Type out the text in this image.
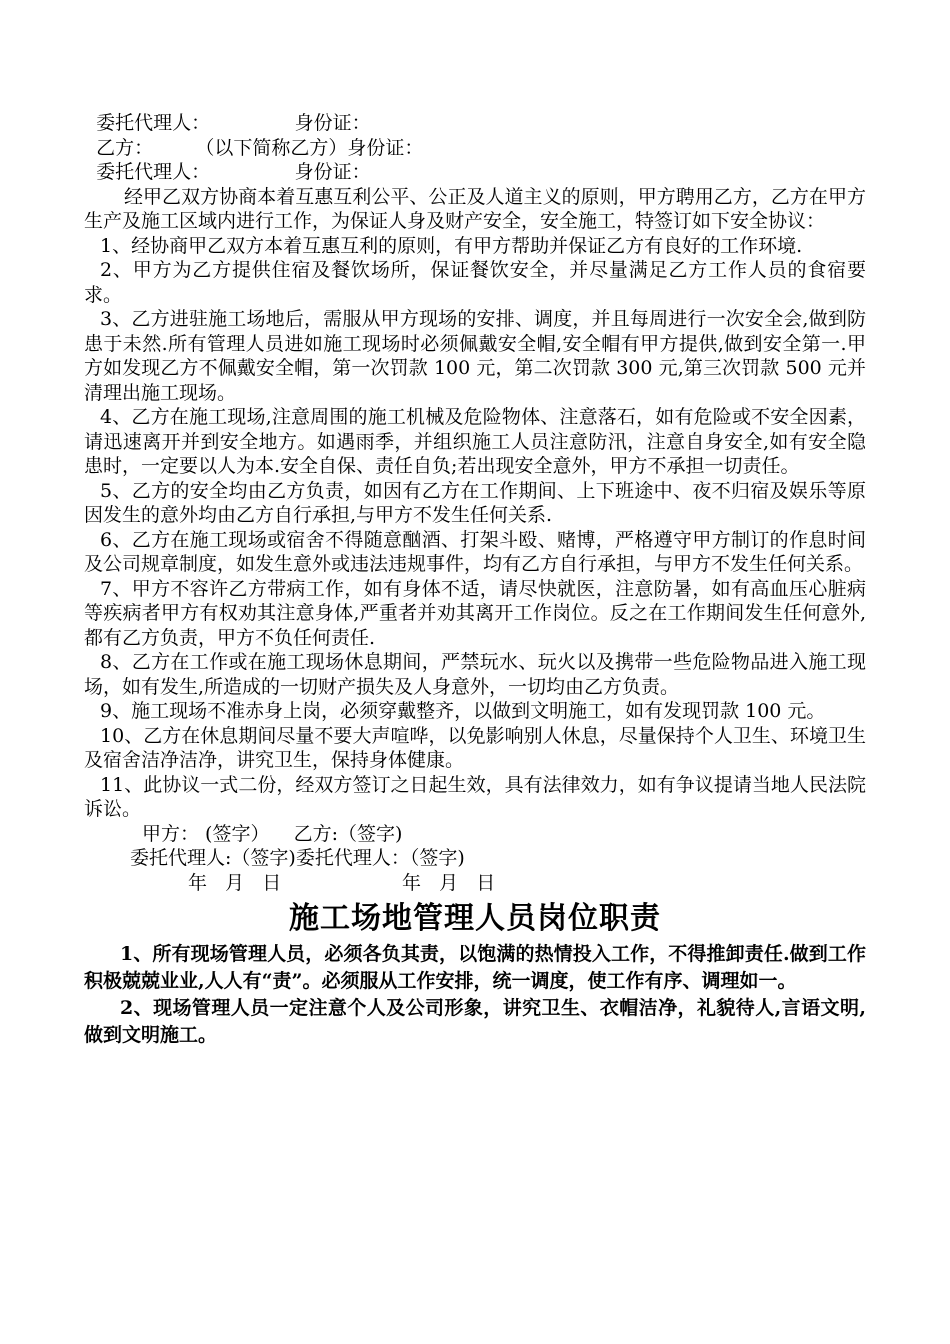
委托代理人：              身份证：
乙方：       （以下简称乙方）身份证：
委托代理人：              身份证：

经甲乙双方协商本着互惠互利公平、公正及人道主义的原则，甲方聘用乙方，乙方在甲方生产及施工区域内进行工作，为保证人身及财产安全，安全施工，特签订如下安全协议：

1、经协商甲乙双方本着互惠互利的原则，有甲方帮助并保证乙方有良好的工作环境.

2、甲方为乙方提供住宿及餐饮场所，保证餐饮安全，并尽量满足乙方工作人员的食宿要求。

3、乙方进驻施工场地后，需服从甲方现场的安排、调度，并且每周进行一次安全会,做到防患于未然.所有管理人员进如施工现场时必须佩戴安全帽,安全帽有甲方提供,做到安全第一.甲方如发现乙方不佩戴安全帽，第一次罚款 100 元，第二次罚款 300 元,第三次罚款 500 元并清理出施工现场。

4、乙方在施工现场,注意周围的施工机械及危险物体、注意落石，如有危险或不安全因素，请迅速离开并到安全地方。如遇雨季，并组织施工人员注意防汛，注意自身安全,如有安全隐患时，一定要以人为本.安全自保、责任自负;若出现安全意外，甲方不承担一切责任。

5、乙方的安全均由乙方负责，如因有乙方在工作期间、上下班途中、夜不归宿及娱乐等原因发生的意外均由乙方自行承担,与甲方不发生任何关系.

6、乙方在施工现场或宿舍不得随意酗酒、打架斗殴、赌博，严格遵守甲方制订的作息时间及公司规章制度，如发生意外或违法违规事件，均有乙方自行承担，与甲方不发生任何关系。

7、甲方不容许乙方带病工作，如有身体不适，请尽快就医，注意防暑，如有高血压心脏病等疾病者甲方有权劝其注意身体,严重者并劝其离开工作岗位。反之在工作期间发生任何意外,都有乙方负责，甲方不负任何责任.

8、乙方在工作或在施工现场休息期间，严禁玩水、玩火以及携带一些危险物品进入施工现场，如有发生,所造成的一切财产损失及人身意外，一切均由乙方负责。

9、施工现场不准赤身上岗，必须穿戴整齐，以做到文明施工，如有发现罚款 100 元。

10、乙方在休息期间尽量不要大声喧哗，以免影响别人休息，尽量保持个人卫生、环境卫生及宿舍洁净洁净，讲究卫生，保持身体健康。

11、此协议一式二份，经双方签订之日起生效，具有法律效力，如有争议提请当地人民法院诉讼。

甲方： (签字）    乙方:（签字)
委托代理人:（签字)委托代理人：（签字)
年   月   日                    年   月   日
施工场地管理人员岗位职责

1、所有现场管理人员，必须各负其责，以饱满的热情投入工作，不得推卸责任.做到工作积极兢兢业业,人人有“责”。必须服从工作安排，统一调度，使工作有序、调理如一。

2、现场管理人员一定注意个人及公司形象，讲究卫生、衣帽洁净，礼貌待人,言语文明,做到文明施工。
